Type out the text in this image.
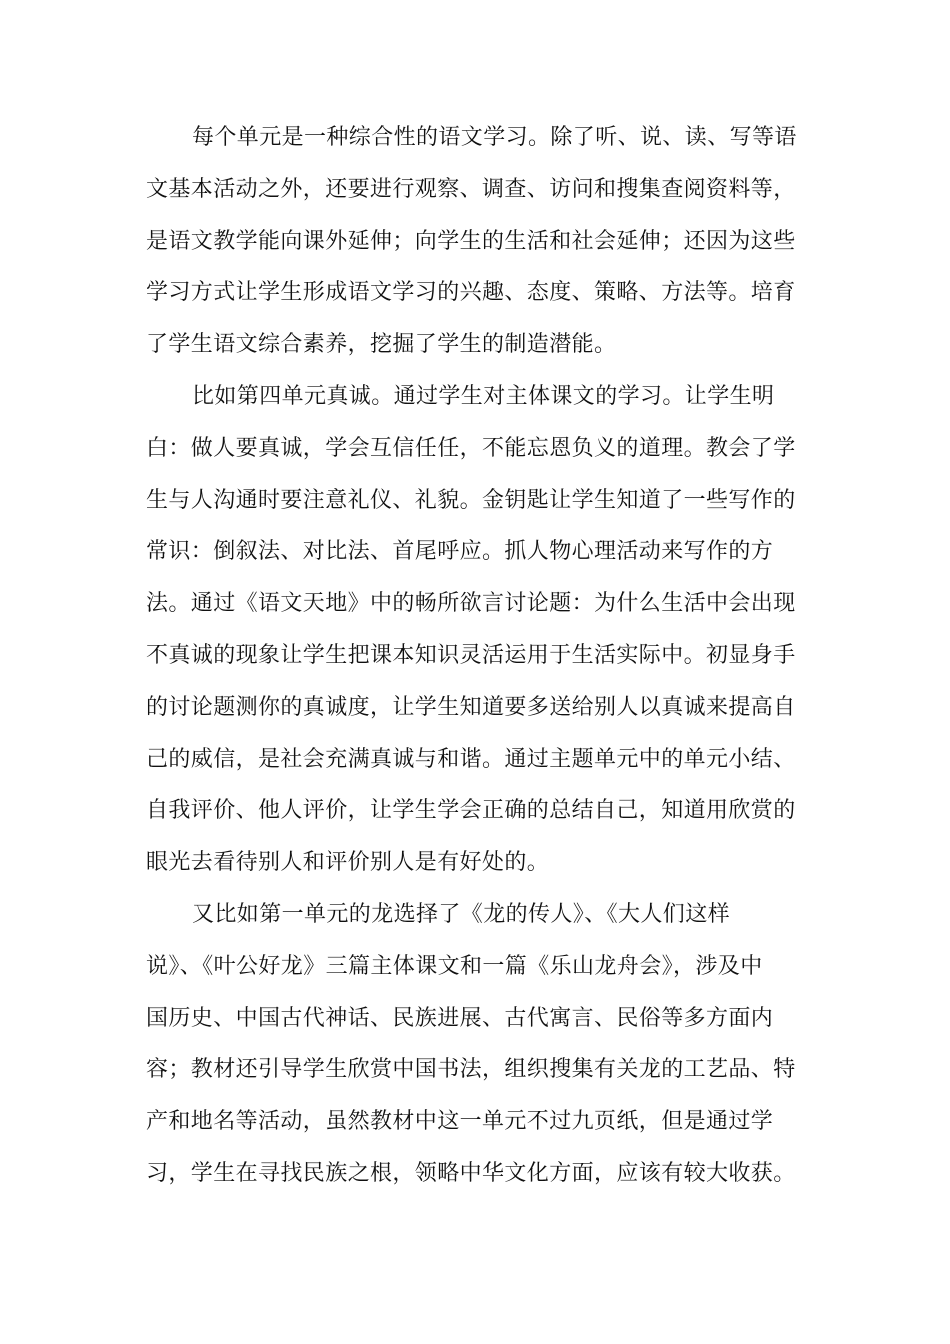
每个单元是一种综合性的语文学习。除了听、说、读、写等语
文基本活动之外，还要进行观察、调查、访问和搜集查阅资料等，
是语文教学能向课外延伸；向学生的生活和社会延伸；还因为这些
学习方式让学生形成语文学习的兴趣、态度、策略、方法等。培育
了学生语文综合素养，挖掘了学生的制造潜能。
比如第四单元真诚。通过学生对主体课文的学习。让学生明
白：做人要真诚，学会互信任任，不能忘恩负义的道理。教会了学
生与人沟通时要注意礼仪、礼貌。金钥匙让学生知道了一些写作的
常识：倒叙法、对比法、首尾呼应。抓人物心理活动来写作的方
法。通过《语文天地》中的畅所欲言讨论题：为什么生活中会出现
不真诚的现象让学生把课本知识灵活运用于生活实际中。初显身手
的讨论题测你的真诚度，让学生知道要多送给别人以真诚来提高自
己的威信，是社会充满真诚与和谐。通过主题单元中的单元小结、
自我评价、他人评价，让学生学会正确的总结自己，知道用欣赏的
眼光去看待别人和评价别人是有好处的。
又比如第一单元的龙选择了《龙的传人》、《大人们这样
说》、《叶公好龙》三篇主体课文和一篇《乐山龙舟会》，涉及中
国历史、中国古代神话、民族进展、古代寓言、民俗等多方面内
容；教材还引导学生欣赏中国书法，组织搜集有关龙的工艺品、特
产和地名等活动，虽然教材中这一单元不过九页纸，但是通过学
习，学生在寻找民族之根，领略中华文化方面，应该有较大收获。
